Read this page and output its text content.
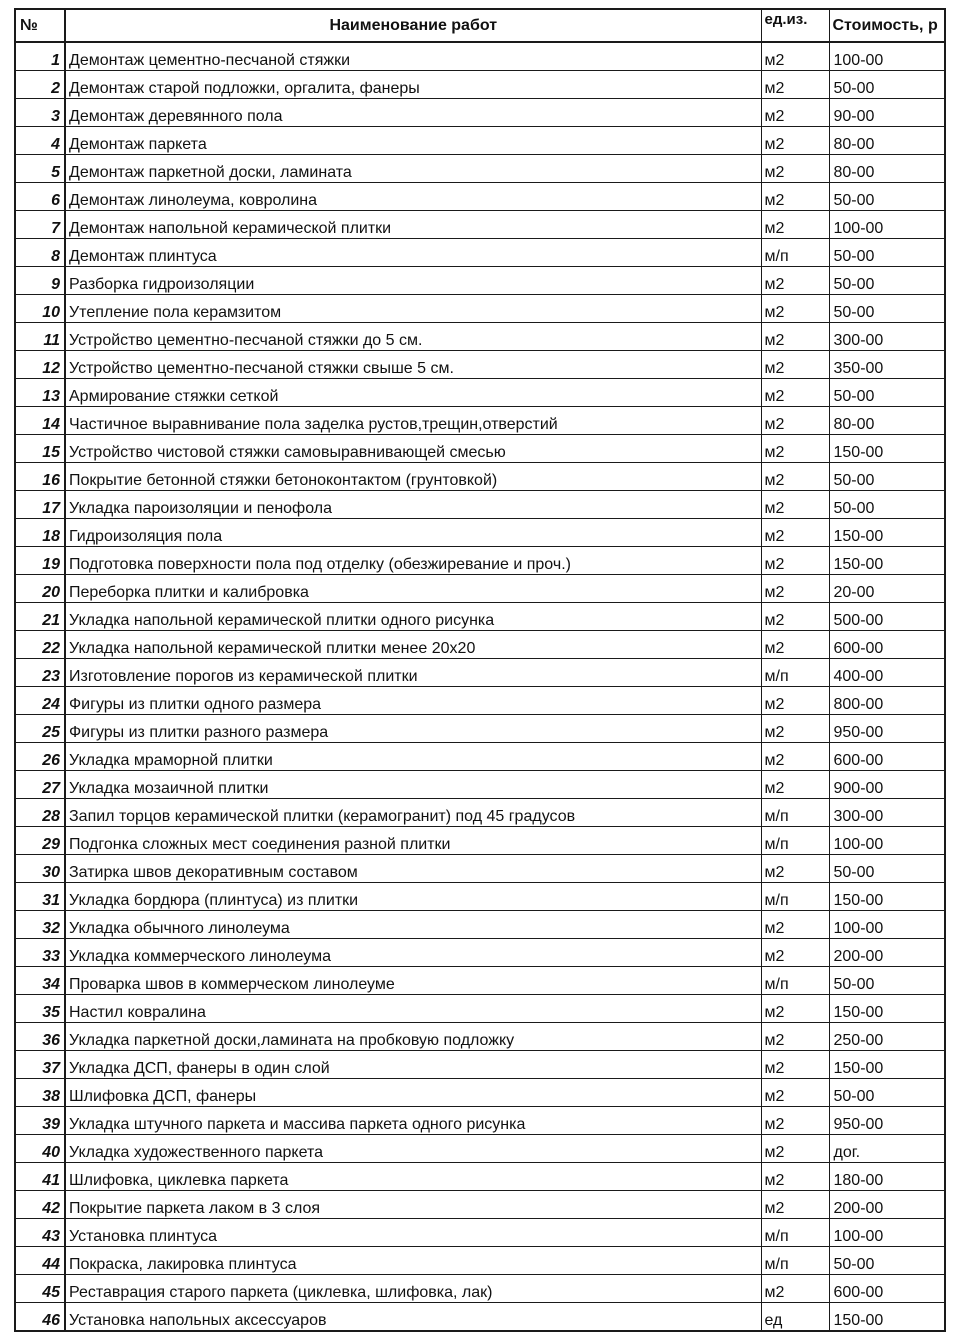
№	Наименование работ	ед.из.	Стоимость, р
1	Демонтаж цементно-песчаной стяжки	м2	100-00
2	Демонтаж старой подложки, оргалита, фанеры	м2	50-00
3	Демонтаж деревянного пола	м2	90-00
4	Демонтаж паркета	м2	80-00
5	Демонтаж паркетной доски, ламината	м2	80-00
6	Демонтаж линолеума, ковролина	м2	50-00
7	Демонтаж напольной керамической плитки	м2	100-00
8	Демонтаж плинтуса	м/п	50-00
9	Разборка гидроизоляции	м2	50-00
10	Утепление пола керамзитом	м2	50-00
11	Устройство цементно-песчаной стяжки до 5 см.	м2	300-00
12	Устройство цементно-песчаной стяжки свыше 5 см.	м2	350-00
13	Армирование стяжки сеткой	м2	50-00
14	Частичное выравнивание пола заделка рустов,трещин,отверстий	м2	80-00
15	Устройство чистовой стяжки самовыравнивающей смесью	м2	150-00
16	Покрытие бетонной стяжки бетоноконтактом (грунтовкой)	м2	50-00
17	Укладка пароизоляции и пенофола	м2	50-00
18	Гидроизоляция пола	м2	150-00
19	Подготовка поверхности пола под отделку (обезжиревание и проч.)	м2	150-00
20	Переборка плитки и калибровка	м2	20-00
21	Укладка напольной керамической плитки одного рисунка	м2	500-00
22	Укладка напольной керамической плитки менее 20х20	м2	600-00
23	Изготовление порогов из керамической плитки	м/п	400-00
24	Фигуры из плитки одного размера	м2	800-00
25	Фигуры из плитки разного размера	м2	950-00
26	Укладка мраморной плитки	м2	600-00
27	Укладка мозаичной плитки	м2	900-00
28	Запил торцов керамической плитки (керамогранит) под 45 градусов	м/п	300-00
29	Подгонка сложных мест соединения разной плитки	м/п	100-00
30	Затирка швов декоративным составом	м2	50-00
31	Укладка бордюра (плинтуса) из плитки	м/п	150-00
32	Укладка обычного линолеума	м2	100-00
33	Укладка коммерческого линолеума	м2	200-00
34	Проварка швов в коммерческом линолеуме	м/п	50-00
35	Настил ковралина	м2	150-00
36	Укладка паркетной доски,ламината на пробковую подложку	м2	250-00
37	Укладка ДСП, фанеры в один слой	м2	150-00
38	Шлифовка ДСП, фанеры	м2	50-00
39	Укладка штучного паркета и массива паркета одного рисунка	м2	950-00
40	Укладка художественного паркета	м2	дог.
41	Шлифовка, циклевка паркета	м2	180-00
42	Покрытие паркета лаком в 3 слоя	м2	200-00
43	Установка плинтуса	м/п	100-00
44	Покраска, лакировка плинтуса	м/п	50-00
45	Реставрация старого паркета (циклевка, шлифовка, лак)	м2	600-00
46	Установка напольных аксессуаров	ед	150-00
